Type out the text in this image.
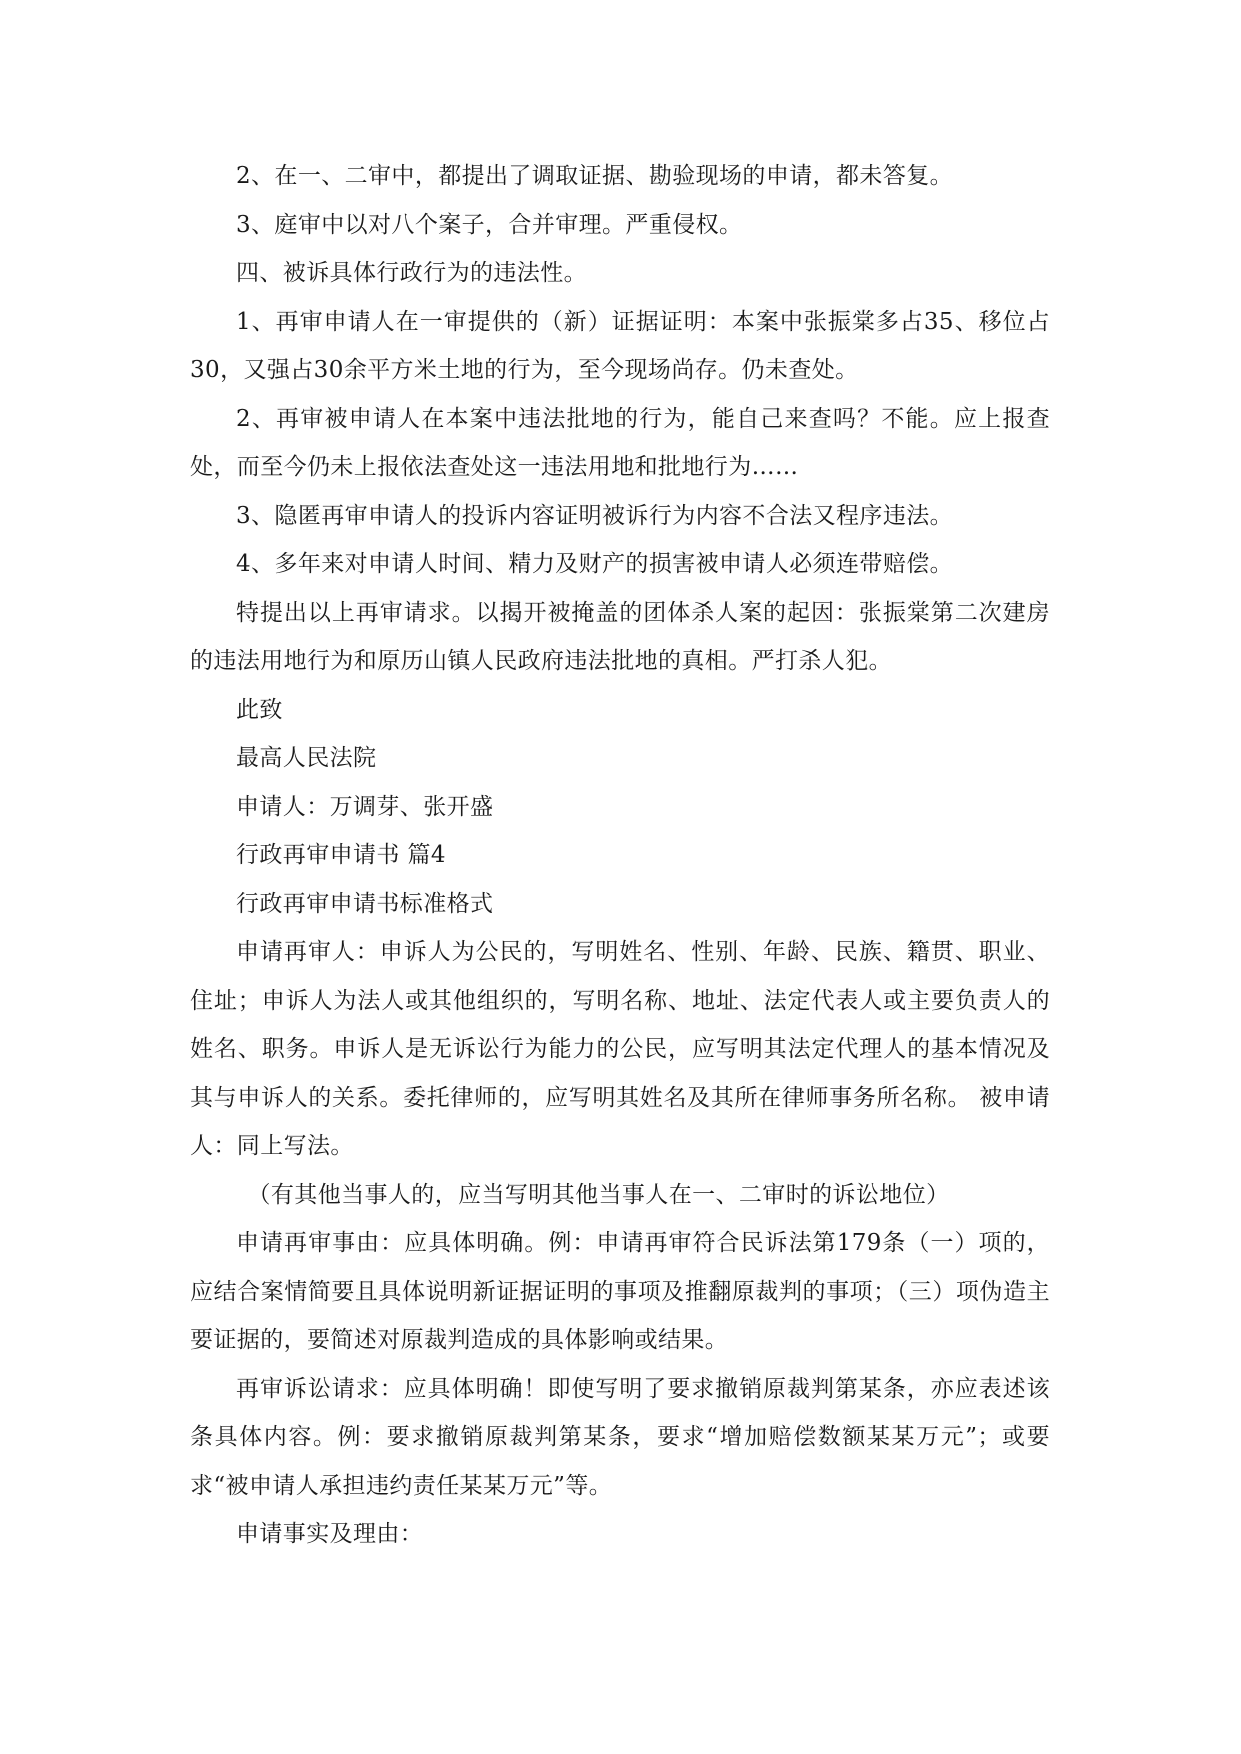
2、在一、二审中，都提出了调取证据、勘验现场的申请，都未答复。

3、庭审中以对八个案子，合并审理。严重侵权。

四、被诉具体行政行为的违法性。

1、再审申请人在一审提供的（新）证据证明：本案中张振棠多占35、移位占30，又强占30余平方米土地的行为，至今现场尚存。仍未查处。

2、再审被申请人在本案中违法批地的行为，能自己来查吗？不能。应上报查处，而至今仍未上报依法查处这一违法用地和批地行为……

3、隐匿再审申请人的投诉内容证明被诉行为内容不合法又程序违法。

4、多年来对申请人时间、精力及财产的损害被申请人必须连带赔偿。

特提出以上再审请求。以揭开被掩盖的团体杀人案的起因：张振棠第二次建房的违法用地行为和原历山镇人民政府违法批地的真相。严打杀人犯。

此致

最高人民法院

申请人：万调芽、张开盛

行政再审申请书 篇4

行政再审申请书标准格式

申请再审人：申诉人为公民的，写明姓名、性别、年龄、民族、籍贯、职业、住址；申诉人为法人或其他组织的，写明名称、地址、法定代表人或主要负责人的姓名、职务。申诉人是无诉讼行为能力的公民，应写明其法定代理人的基本情况及其与申诉人的关系。委托律师的，应写明其姓名及其所在律师事务所名称。 被申请人：同上写法。

（有其他当事人的，应当写明其他当事人在一、二审时的诉讼地位）

申请再审事由：应具体明确。例：申请再审符合民诉法第179条（一）项的，应结合案情简要且具体说明新证据证明的事项及推翻原裁判的事项；（三）项伪造主要证据的，要简述对原裁判造成的具体影响或结果。

再审诉讼请求：应具体明确！即使写明了要求撤销原裁判第某条，亦应表述该条具体内容。例：要求撤销原裁判第某条，要求“增加赔偿数额某某万元”；或要求“被申请人承担违约责任某某万元”等。

申请事实及理由：
